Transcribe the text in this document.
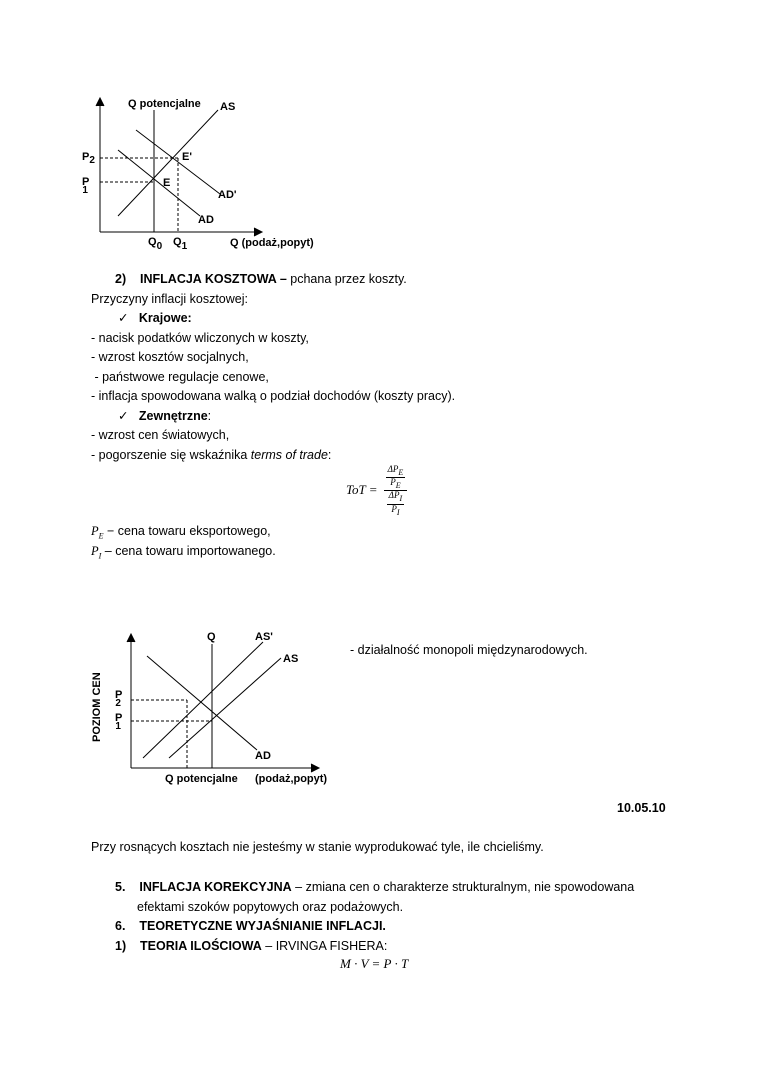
Q potencjalne AS
P2
P 1
E'
E
AD'
AD
Q0 Q1	Q (podaż,popyt)
2) INFLACJA KOSZTOWA – pchana przez koszty.
Przyczyny inflacji kosztowej:
✓ Krajowe:
- nacisk podatków wliczonych w koszty,
- wzrost kosztów socjalnych,
- państwowe regulacje cenowe,
- inflacja spowodowana walką o podział dochodów (koszty pracy).
✓ Zewnętrzne:
- wzrost cen światowych,
- pogorszenie się wskaźnika terms of trade:
ToT = $\frac{\frac{\Delta P_E}{P_E}}{\frac{\Delta P_I}{P_I}}$
$P_E$ − cena towaru eksportowego,
$P_I$ – cena towaru importowanego.
Q	AS'
AS
POZIOM CEN P 2
P 1
AD
Q potencjalne (podaż,popyt)
- działalność monopoli międzynarodowych.
10.05.10
Przy rosnących kosztach nie jesteśmy w stanie wyprodukować tyle, ile chcieliśmy.
5. INFLACJA KOREKCYJNA – zmiana cen o charakterze strukturalnym, nie spowodowana
efektami szoków popytowych oraz podażowych.
6. TEORETYCZNE WYJAŚNIANIE INFLACJI.
1) TEORIA ILOŚCIOWA – IRVINGA FISHERA:
M · V = P · T
